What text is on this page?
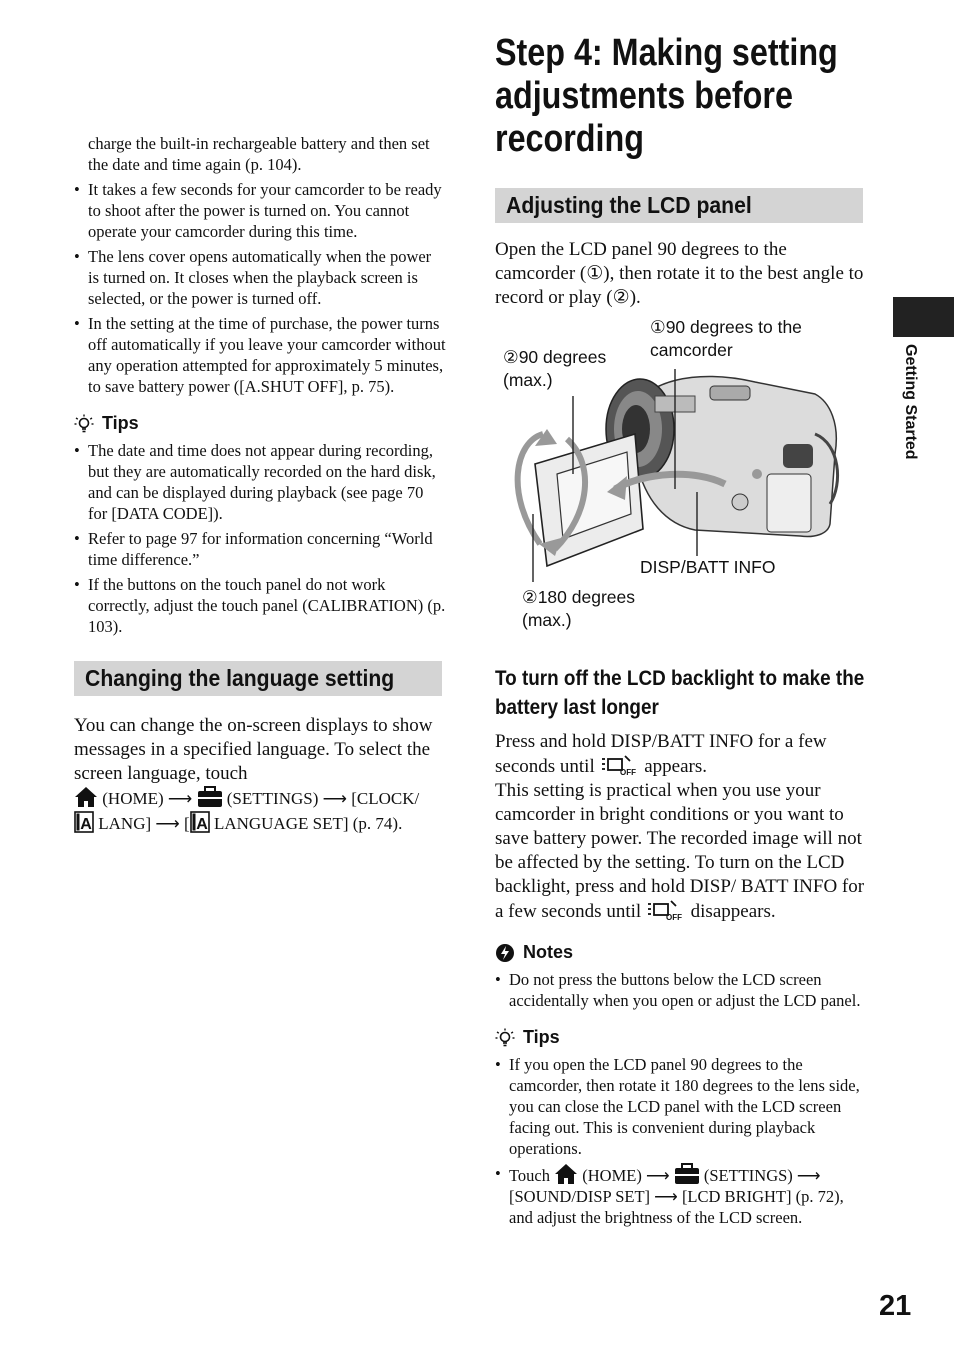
charge the built-in rechargeable battery and then set the date and time again (p. 104).

• It takes a few seconds for your camcorder to be ready to shoot after the power is turned on. You cannot operate your camcorder during this time.
• The lens cover opens automatically when the power is turned on. It closes when the playback screen is selected, or the power is turned off.
• In the setting at the time of purchase, the power turns off automatically if you leave your camcorder without any operation attempted for approximately 5 minutes, to save battery power ([A.SHUT OFF], p. 75).
Tips
• The date and time does not appear during recording, but they are automatically recorded on the hard disk, and can be displayed during playback (see page 70 for [DATA CODE]).
• Refer to page 97 for information concerning “World time difference.”
• If the buttons on the touch panel do not work correctly, adjust the touch panel (CALIBRATION) (p. 103).
Changing the language setting

You can change the on-screen displays to show messages in a specified language. To select the screen language, touch

(HOME) ⟶ (SETTINGS) ⟶ [CLOCK/

A LANG] ⟶ [ A LANGUAGE SET] (p. 74).
Step 4: Making setting adjustments before recording
Adjusting the LCD panel

Open the LCD panel 90 degrees to the camcorder (①), then rotate it to the best angle to record or play (②).

①90 degrees to the camcorder
②90 degrees (max.)
DISP/BATT INFO
②180 degrees (max.)
To turn off the LCD backlight to make the battery last longer

Press and hold DISP/BATT INFO for a few seconds until	OFF appears.

This setting is practical when you use your camcorder in bright conditions or you want to save battery power. The recorded image will not be affected by the setting. To turn on the LCD backlight, press and hold DISP/ BATT INFO for a few seconds until	OFF disappears.

Notes
• Do not press the buttons below the LCD screen accidentally when you open or adjust the LCD panel.
Tips
• If you open the LCD panel 90 degrees to the camcorder, then rotate it 180 degrees to the lens side, you can close the LCD panel with the LCD screen facing out. This is convenient during playback operations.
• Touch (HOME) ⟶ (SETTINGS) ⟶ [SOUND/DISP SET] ⟶ [LCD BRIGHT] (p. 72), and adjust the brightness of the LCD screen.
Getting Started
21
